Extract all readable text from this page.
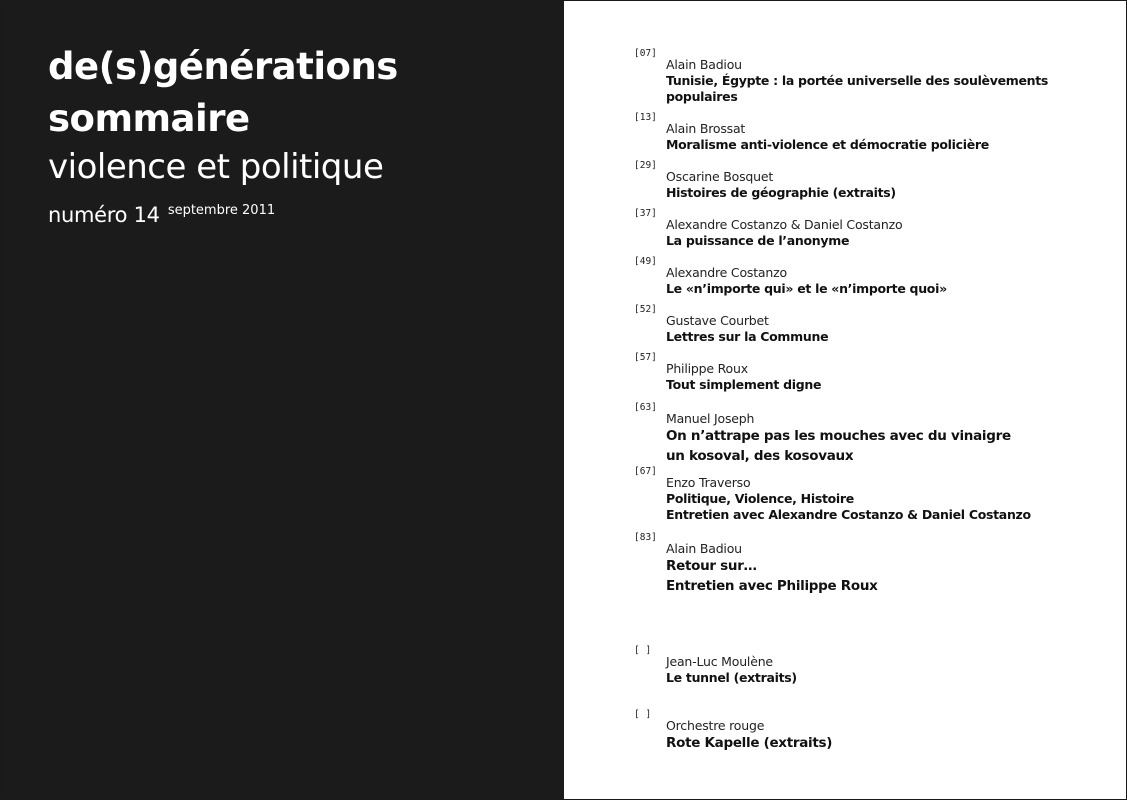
de(s)générations
sommaire
violence et politique
numéro 14 $^{septembre 2011}$
[07]
Alain Badiou
Tunisie, Égypte : la portée universelle des soulèvements
populaires
[13]
Alain Brossat
Moralisme anti-violence et démocratie policière
[29]
Oscarine Bosquet
Histoires de géographie (extraits)
[37]
Alexandre Costanzo & Daniel Costanzo
La puissance de l’anonyme
[49]
Alexandre Costanzo
Le «n’importe qui» et le «n’importe quoi»
[52]
Gustave Courbet
Lettres sur la Commune
[57]
Philippe Roux
Tout simplement digne
[63]
Manuel Joseph
On n’attrape pas les mouches avec du vinaigre
un kosoval, des kosovaux
[67]
Enzo Traverso
Politique, Violence, Histoire
Entretien avec Alexandre Costanzo & Daniel Costanzo
[83]
Alain Badiou
Retour sur…
Entretien avec Philippe Roux
[ ]
Jean-Luc Moulène
Le tunnel (extraits)
[ ]
Orchestre rouge
Rote Kapelle (extraits)
